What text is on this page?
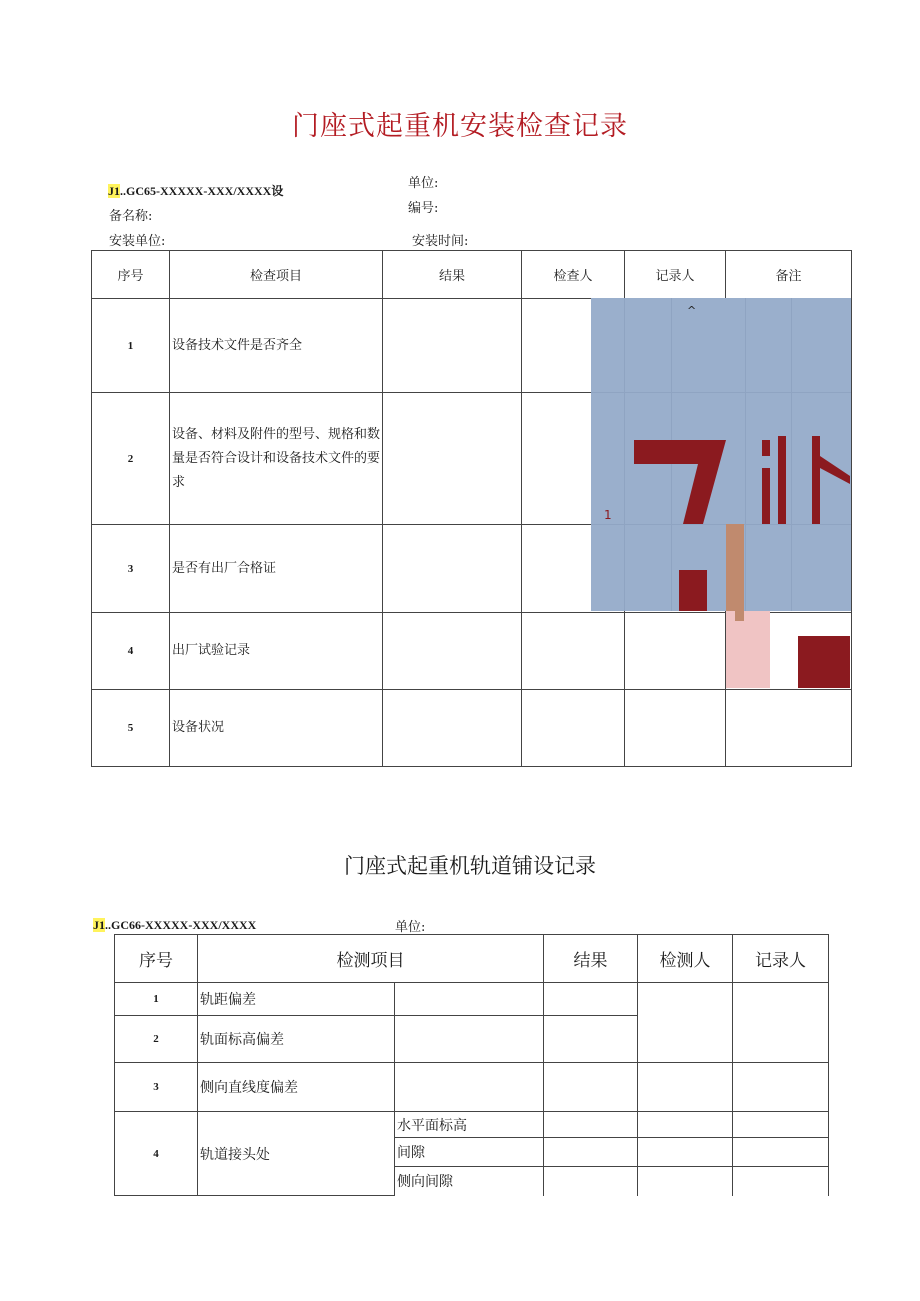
门座式起重机安装检查记录
J1..GC65-XXXXX-XXX/XXXX设
备名称:
单位:
编号:
安装单位:	安装时间:
序号	检查项目	结果	检查人	记录人	备注
1	设备技术文件是否齐全				
2	设备、材料及附件的型号、规格和数量是否符合设计和设备技术文件的要求				
3	是否有出厂合格证				
4	出厂试验记录				
5	设备状况				
^
1
门座式起重机轨道铺设记录
J1..GC66-XXXXX-XXX/XXXX	单位:
序号	检测项目		结果	检测人	记录人
1	轨距偏差				
2	轨面标高偏差				
3	侧向直线度偏差				
4	轨道接头处	水平面标高			
		间隙			
		侧向间隙			
